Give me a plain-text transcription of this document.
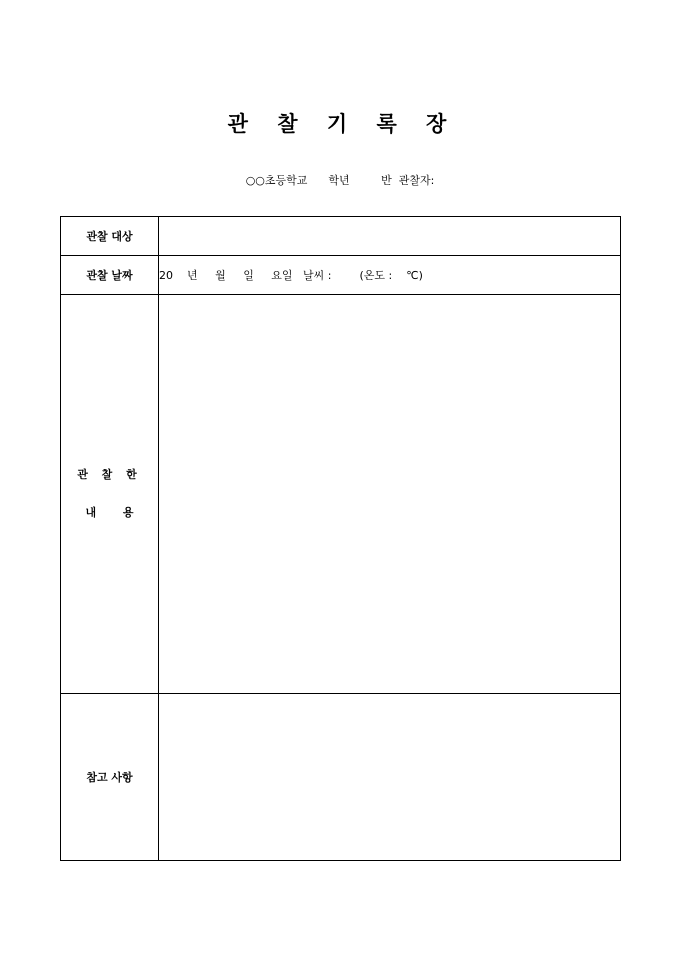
관 찰 기 록 장
○○초등학교      학년         반  관찰자:
관찰 대상	
관찰 날짜	20    년     월     일     요일   날씨 :        (온도 :    ℃)

관 찰 한
내       용	

참고 사항	
